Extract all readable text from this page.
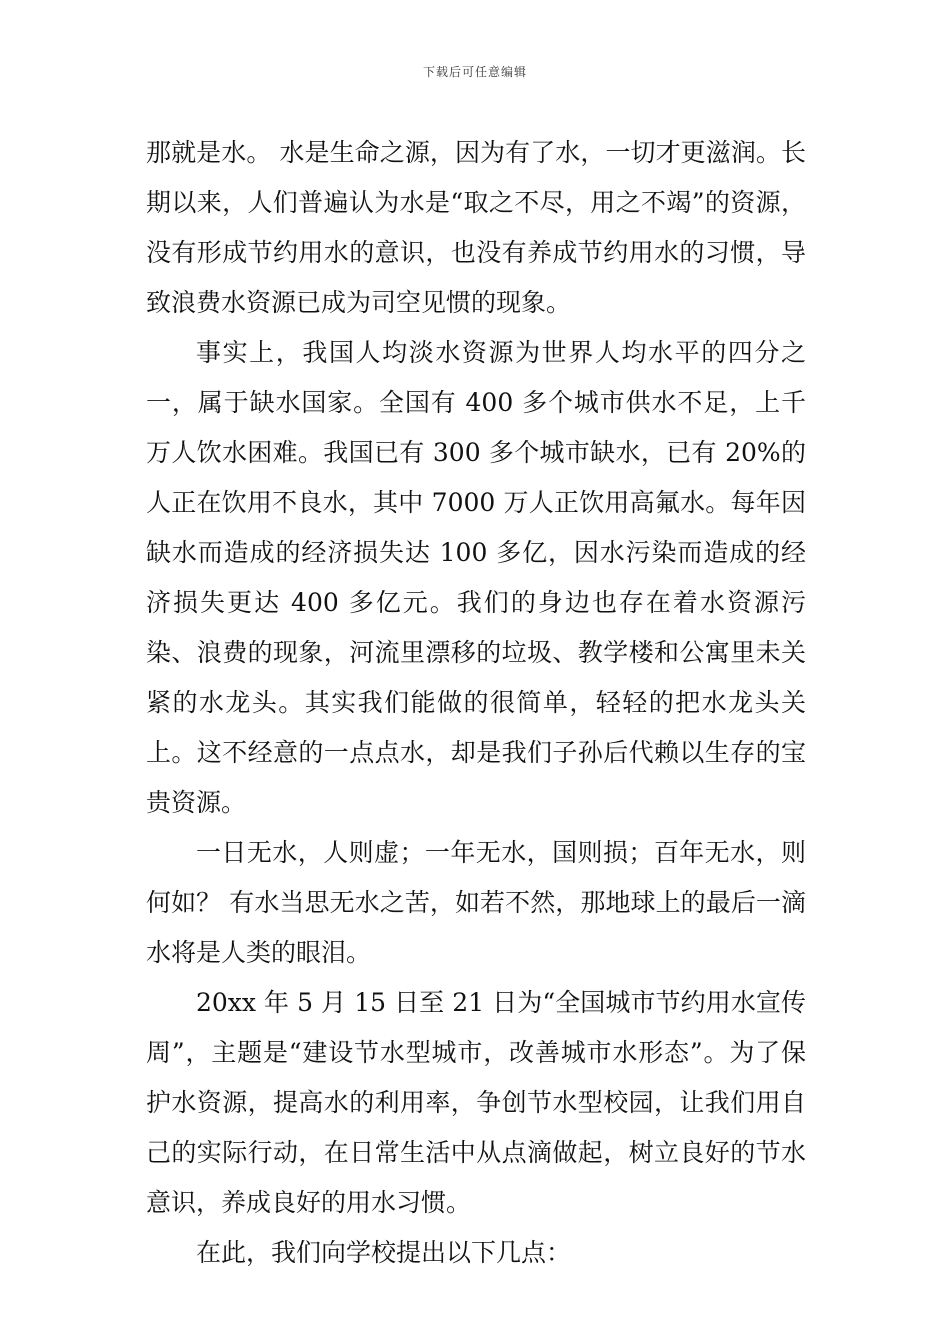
下载后可任意编辑

那就是水。 水是生命之源，因为有了水，一切才更滋润。长期以来，人们普遍认为水是“取之不尽，用之不竭”的资源，没有形成节约用水的意识，也没有养成节约用水的习惯，导致浪费水资源已成为司空见惯的现象。

事实上，我国人均淡水资源为世界人均水平的四分之一，属于缺水国家。全国有 400 多个城市供水不足，上千万人饮水困难。我国已有 300 多个城市缺水，已有 20%的人正在饮用不良水，其中 7000 万人正饮用高氟水。每年因缺水而造成的经济损失达 100 多亿，因水污染而造成的经济损失更达 400 多亿元。我们的身边也存在着水资源污染、浪费的现象，河流里漂移的垃圾、教学楼和公寓里未关紧的水龙头。其实我们能做的很简单，轻轻的把水龙头关上。这不经意的一点点水，却是我们子孙后代赖以生存的宝贵资源。

一日无水，人则虚；一年无水，国则损；百年无水，则何如？ 有水当思无水之苦，如若不然，那地球上的最后一滴水将是人类的眼泪。

20xx 年 5 月 15 日至 21 日为“全国城市节约用水宣传周”，主题是“建设节水型城市，改善城市水形态”。为了保护水资源，提高水的利用率，争创节水型校园，让我们用自己的实际行动，在日常生活中从点滴做起，树立良好的节水意识，养成良好的用水习惯。

在此，我们向学校提出以下几点：
